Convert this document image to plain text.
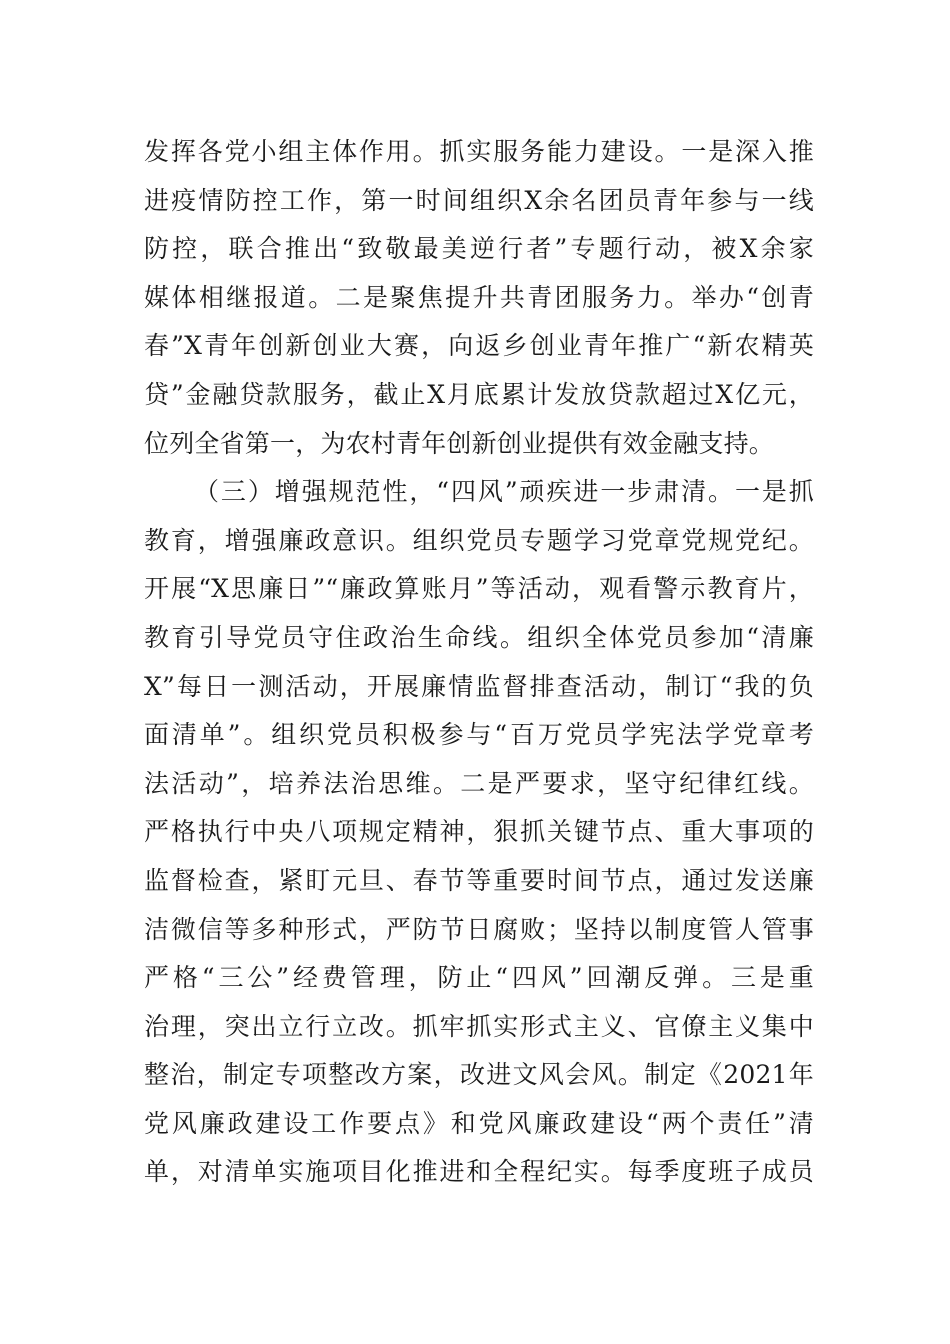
发挥各党小组主体作用。抓实服务能力建设。一是深入推
进疫情防控工作，第一时间组织X余名团员青年参与一线
防控，联合推出“致敬最美逆行者”专题行动，被X余家
媒体相继报道。二是聚焦提升共青团服务力。举办“创青
春”X青年创新创业大赛，向返乡创业青年推广“新农精英
贷”金融贷款服务，截止X月底累计发放贷款超过X亿元，
位列全省第一，为农村青年创新创业提供有效金融支持。
（三）增强规范性，“四风”顽疾进一步肃清。一是抓
教育，增强廉政意识。组织党员专题学习党章党规党纪。
开展“X思廉日”“廉政算账月”等活动，观看警示教育片，
教育引导党员守住政治生命线。组织全体党员参加“清廉
X”每日一测活动，开展廉情监督排查活动，制订“我的负
面清单”。组织党员积极参与“百万党员学宪法学党章考
法活动”，培养法治思维。二是严要求，坚守纪律红线。
严格执行中央八项规定精神，狠抓关键节点、重大事项的
监督检查，紧盯元旦、春节等重要时间节点，通过发送廉
洁微信等多种形式，严防节日腐败；坚持以制度管人管事
严格“三公”经费管理，防止“四风”回潮反弹。三是重
治理，突出立行立改。抓牢抓实形式主义、官僚主义集中
整治，制定专项整改方案，改进文风会风。制定《2021年
党风廉政建设工作要点》和党风廉政建设“两个责任”清
单，对清单实施项目化推进和全程纪实。每季度班子成员
